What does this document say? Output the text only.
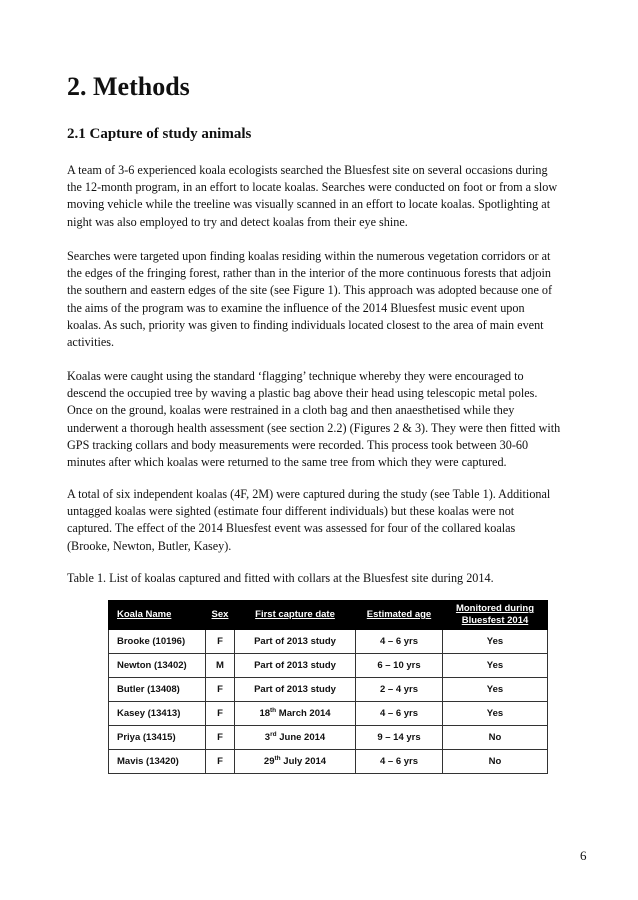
2. Methods
2.1 Capture of study animals

A team of 3-6 experienced koala ecologists searched the Bluesfest site on several occasions during
the 12-month program, in an effort to locate koalas. Searches were conducted on foot or from a slow
moving vehicle while the treeline was visually scanned in an effort to locate koalas. Spotlighting at
night was also employed to try and detect koalas from their eye shine.

Searches were targeted upon finding koalas residing within the numerous vegetation corridors or at
the edges of the fringing forest, rather than in the interior of the more continuous forests that adjoin
the southern and eastern edges of the site (see Figure 1). This approach was adopted because one of
the aims of the program was to examine the influence of the 2014 Bluesfest music event upon
koalas. As such, priority was given to finding individuals located closest to the area of main event
activities.

Koalas were caught using the standard ‘flagging’ technique whereby they were encouraged to
descend the occupied tree by waving a plastic bag above their head using telescopic metal poles.
Once on the ground, koalas were restrained in a cloth bag and then anaesthetised while they
underwent a thorough health assessment (see section 2.2) (Figures 2 & 3). They were then fitted with
GPS tracking collars and body measurements were recorded. This process took between 30-60
minutes after which koalas were returned to the same tree from which they were captured.

A total of six independent koalas (4F, 2M) were captured during the study (see Table 1). Additional
untagged koalas were sighted (estimate four different individuals) but these koalas were not
captured. The effect of the 2014 Bluesfest event was assessed for four of the collared koalas
(Brooke, Newton, Butler, Kasey).

Table 1. List of koalas captured and fitted with collars at the Bluesfest site during 2014.

Koala Name	Sex	First capture date	Estimated age	Monitored during
Bluesfest 2014
Brooke (10196)	F	Part of 2013 study	4 – 6 yrs	Yes
Newton (13402)	M	Part of 2013 study	6 – 10 yrs	Yes
Butler (13408)	F	Part of 2013 study	2 – 4 yrs	Yes
Kasey (13413)	F	18th March 2014	4 – 6 yrs	Yes
Priya (13415)	F	3rd June 2014	9 – 14 yrs	No
Mavis (13420)	F	29th July 2014	4 – 6 yrs	No
6
